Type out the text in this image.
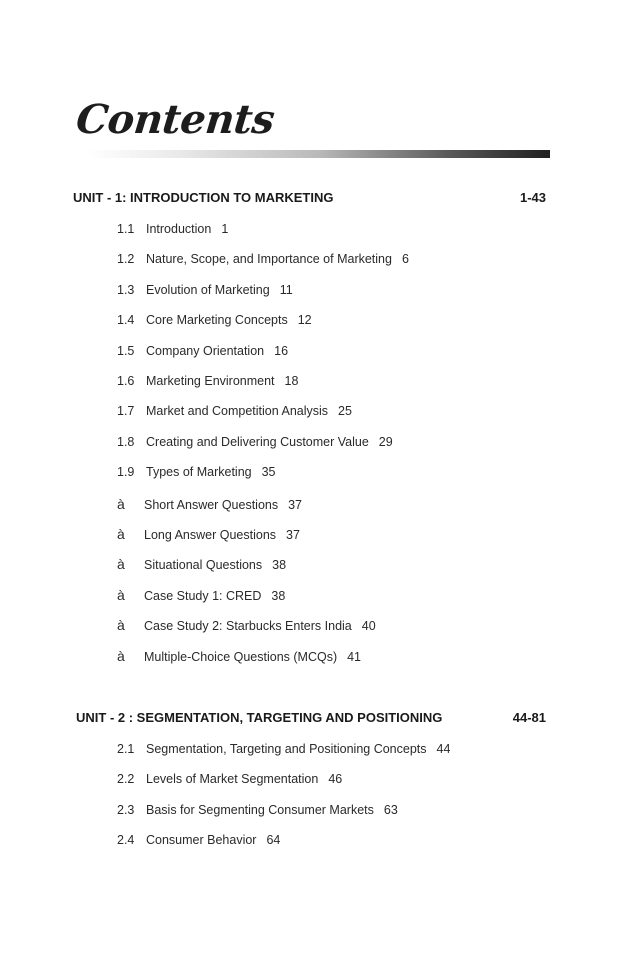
Contents
UNIT - 1: INTRODUCTION TO MARKETING	1-43
1.1 Introduction 1
1.2 Nature, Scope, and Importance of Marketing 6
1.3 Evolution of Marketing 11
1.4 Core Marketing Concepts 12
1.5 Company Orientation 16
1.6 Marketing Environment 18
1.7 Market and Competition Analysis 25
1.8 Creating and Delivering Customer Value 29
1.9 Types of Marketing 35
à Short Answer Questions 37
à Long Answer Questions 37
à Situational Questions 38
à Case Study 1: CRED 38
à Case Study 2: Starbucks Enters India 40
à Multiple-Choice Questions (MCQs) 41
UNIT - 2 : SEGMENTATION, TARGETING AND POSITIONING	44-81
2.1 Segmentation, Targeting and Positioning Concepts 44
2.2 Levels of Market Segmentation 46
2.3 Basis for Segmenting Consumer Markets 63
2.4 Consumer Behavior 64
